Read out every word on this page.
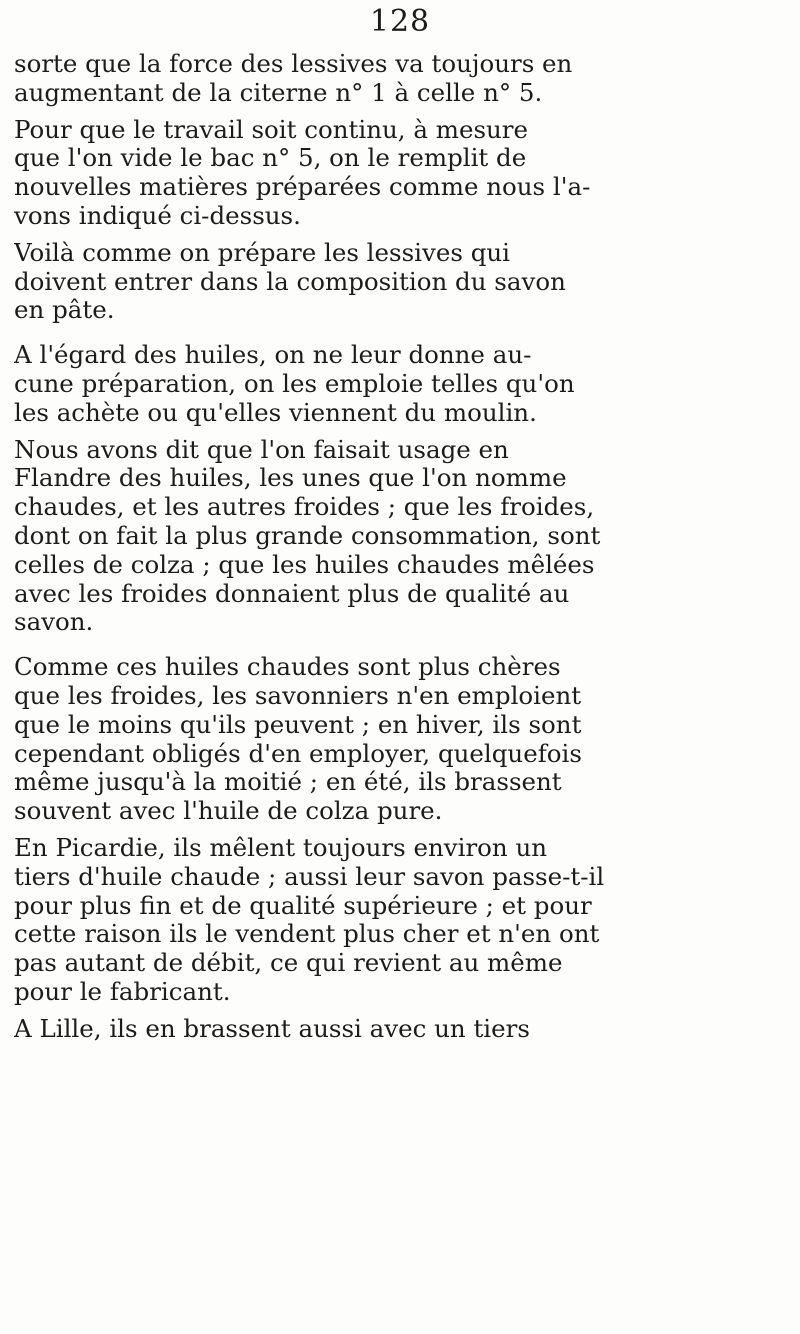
128
sorte que la force des lessives va toujours en
augmentant de la citerne n° 1 à celle n° 5.
Pour que le travail soit continu, à mesure
que l'on vide le bac n° 5, on le remplit de
nouvelles matières préparées comme nous l'a-
vons indiqué ci-dessus.
Voilà comme on prépare les lessives qui
doivent entrer dans la composition du savon
en pâte.
A l'égard des huiles, on ne leur donne au-
cune préparation, on les emploie telles qu'on
les achète ou qu'elles viennent du moulin.
Nous avons dit que l'on faisait usage en
Flandre des huiles, les unes que l'on nomme
chaudes, et les autres froides ; que les froides,
dont on fait la plus grande consommation, sont
celles de colza ; que les huiles chaudes mêlées
avec les froides donnaient plus de qualité au
savon.
Comme ces huiles chaudes sont plus chères
que les froides, les savonniers n'en emploient
que le moins qu'ils peuvent ; en hiver, ils sont
cependant obligés d'en employer, quelquefois
même jusqu'à la moitié ; en été, ils brassent
souvent avec l'huile de colza pure.
En Picardie, ils mêlent toujours environ un
tiers d'huile chaude ; aussi leur savon passe-t-il
pour plus fin et de qualité supérieure ; et pour
cette raison ils le vendent plus cher et n'en ont
pas autant de débit, ce qui revient au même
pour le fabricant.
A Lille, ils en brassent aussi avec un tiers
